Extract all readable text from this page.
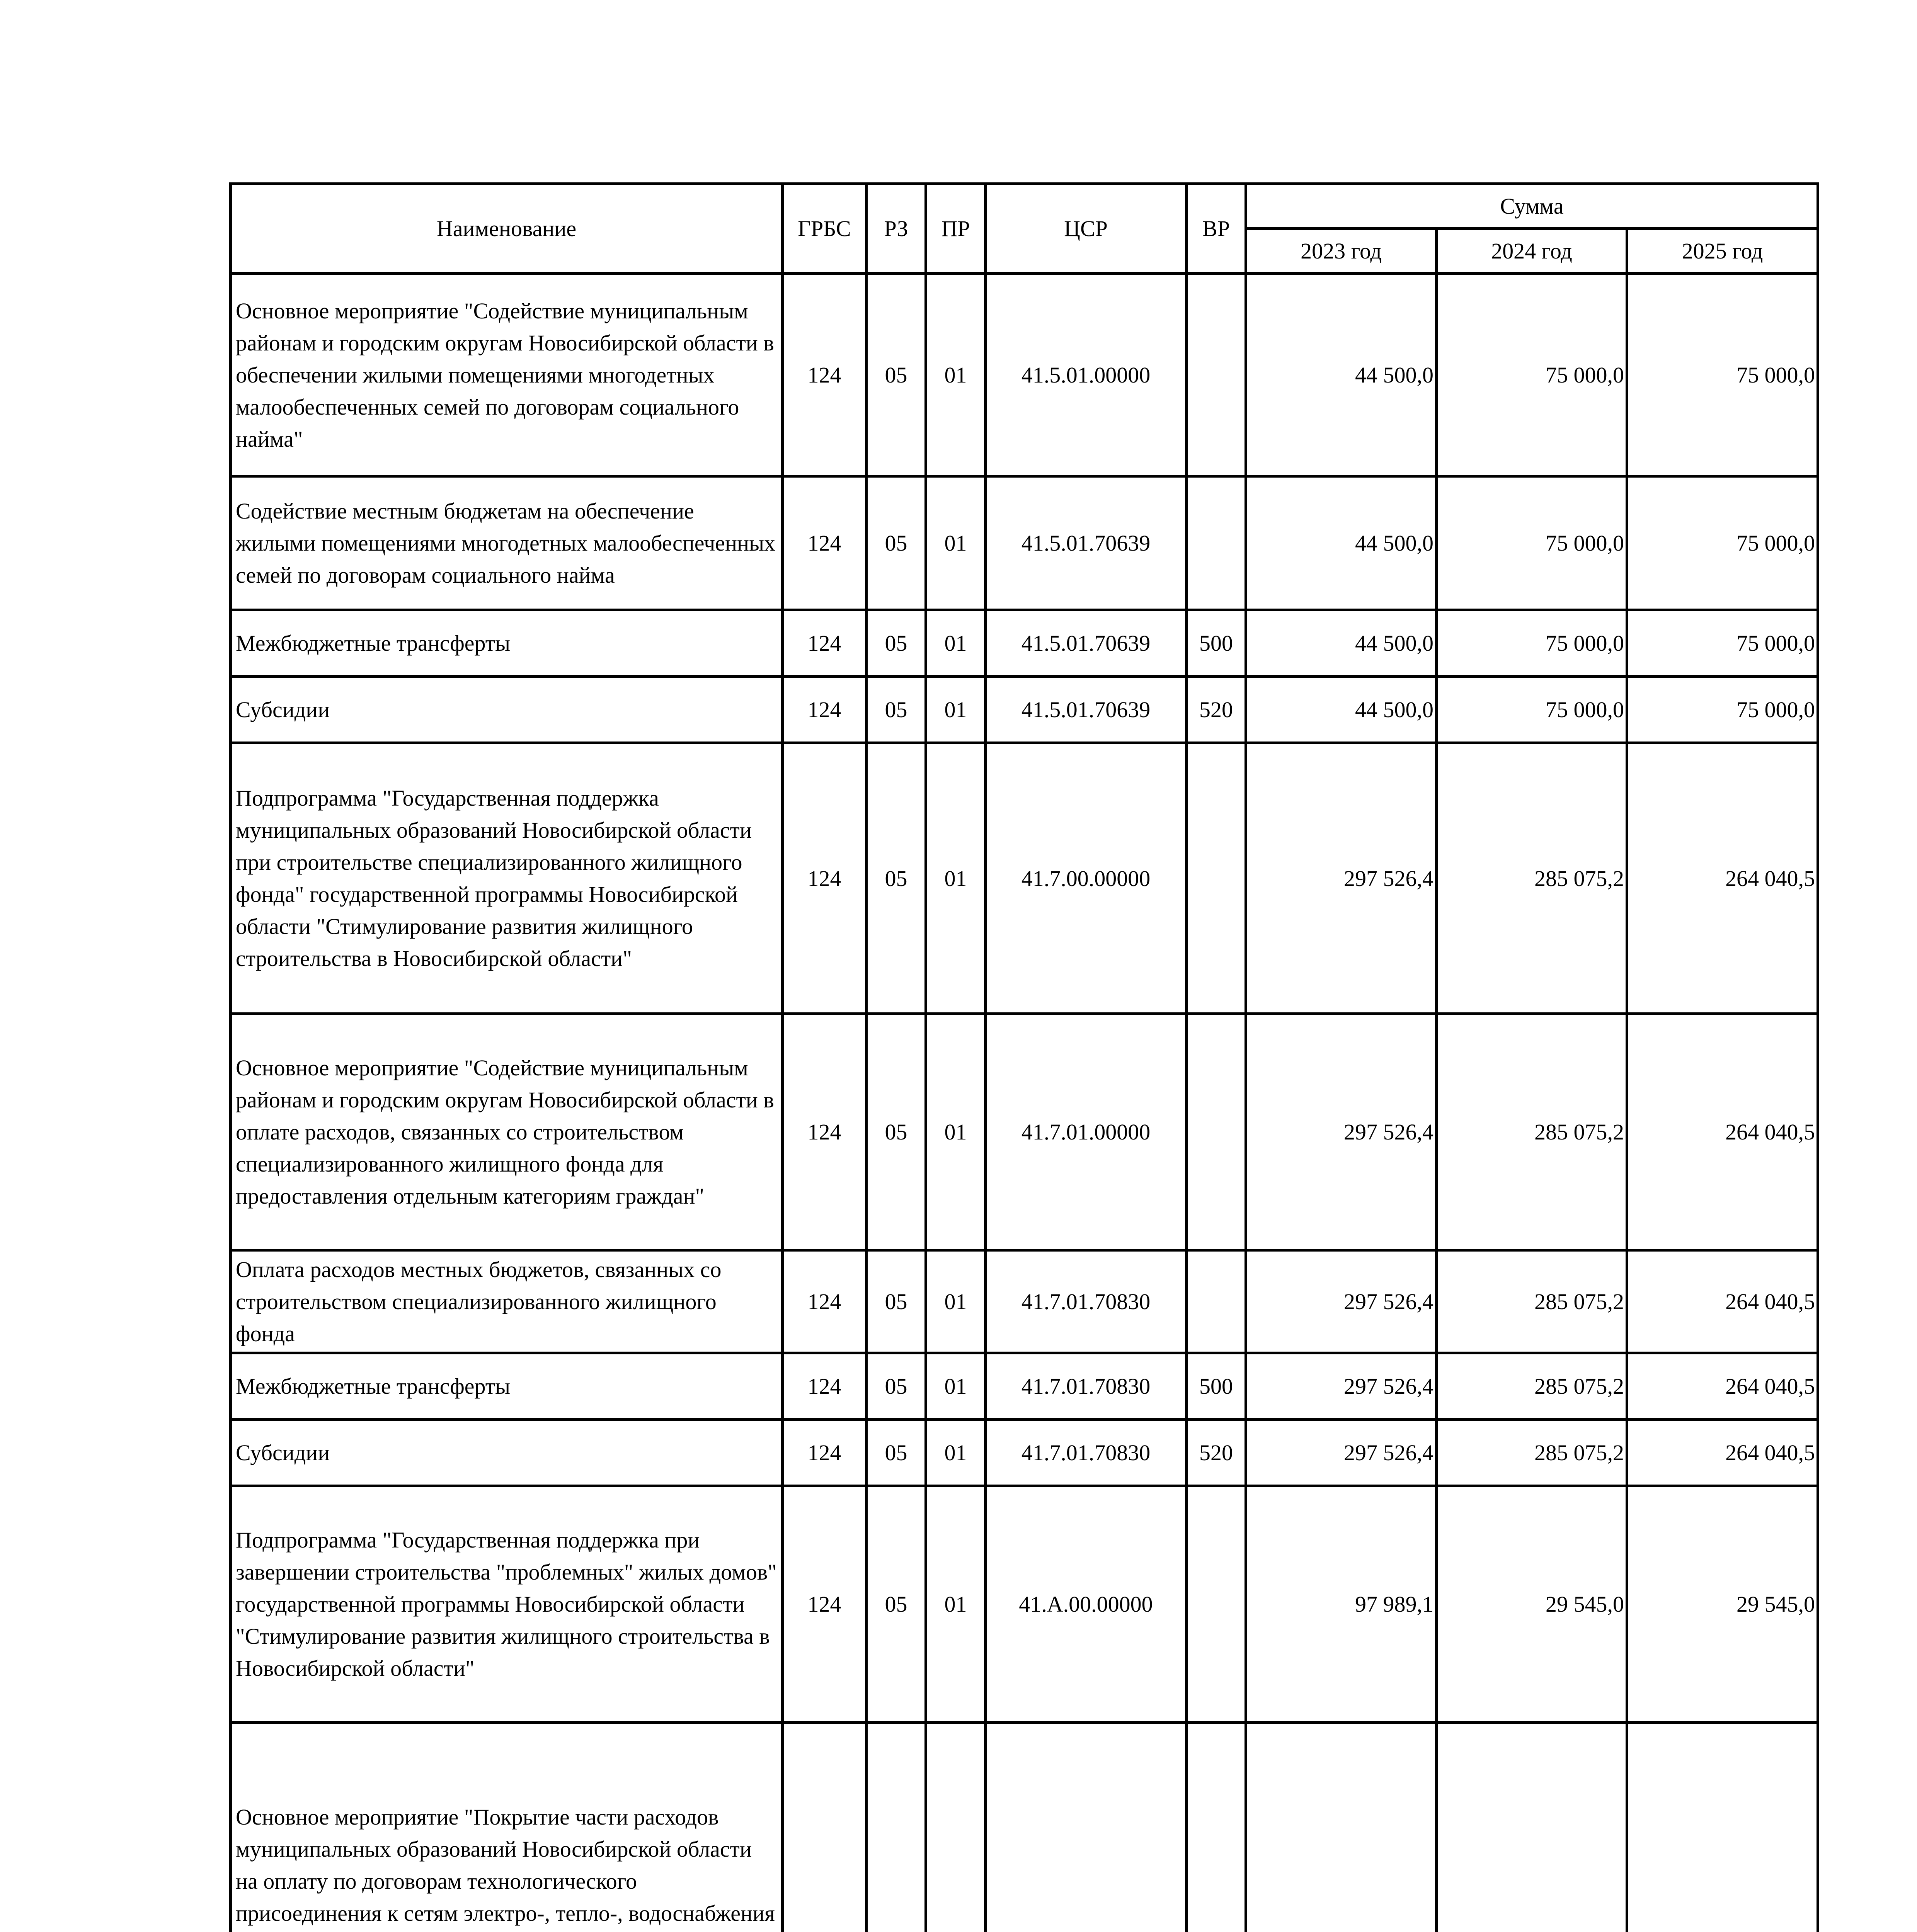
Наименование	ГРБС	РЗ	ПР	ЦСР	ВР	Сумма		
						2023 год	2024 год	2025 год
Основное мероприятие "Содействие муниципальным районам и городским округам Новосибирской области в обеспечении жилыми помещениями многодетных малообеспеченных семей по договорам социального найма"	124	05	01	41.5.01.00000		44 500,0	75 000,0	75 000,0
Содействие местным бюджетам на обеспечение жилыми помещениями многодетных малообеспеченных семей по договорам социального найма	124	05	01	41.5.01.70639		44 500,0	75 000,0	75 000,0
Межбюджетные трансферты	124	05	01	41.5.01.70639	500	44 500,0	75 000,0	75 000,0
Субсидии	124	05	01	41.5.01.70639	520	44 500,0	75 000,0	75 000,0
Подпрограмма "Государственная поддержка муниципальных образований Новосибирской области при строительстве специализированного жилищного фонда" государственной программы Новосибирской области "Стимулирование развития жилищного строительства в Новосибирской области"	124	05	01	41.7.00.00000		297 526,4	285 075,2	264 040,5
Основное мероприятие "Содействие муниципальным районам и городским округам Новосибирской области в оплате расходов, связанных со строительством специализированного жилищного фонда для предоставления отдельным категориям граждан"	124	05	01	41.7.01.00000		297 526,4	285 075,2	264 040,5
Оплата расходов местных бюджетов, связанных со строительством специализированного жилищного фонда	124	05	01	41.7.01.70830		297 526,4	285 075,2	264 040,5
Межбюджетные трансферты	124	05	01	41.7.01.70830	500	297 526,4	285 075,2	264 040,5
Субсидии	124	05	01	41.7.01.70830	520	297 526,4	285 075,2	264 040,5
Подпрограмма "Государственная поддержка при завершении строительства "проблемных" жилых домов" государственной программы Новосибирской области "Стимулирование развития жилищного строительства в Новосибирской области"	124	05	01	41.А.00.00000		97 989,1	29 545,0	29 545,0
Основное мероприятие "Покрытие части расходов муниципальных образований Новосибирской области на оплату по договорам технологического присоединения к сетям электро-, тепло-, водоснабжения								
